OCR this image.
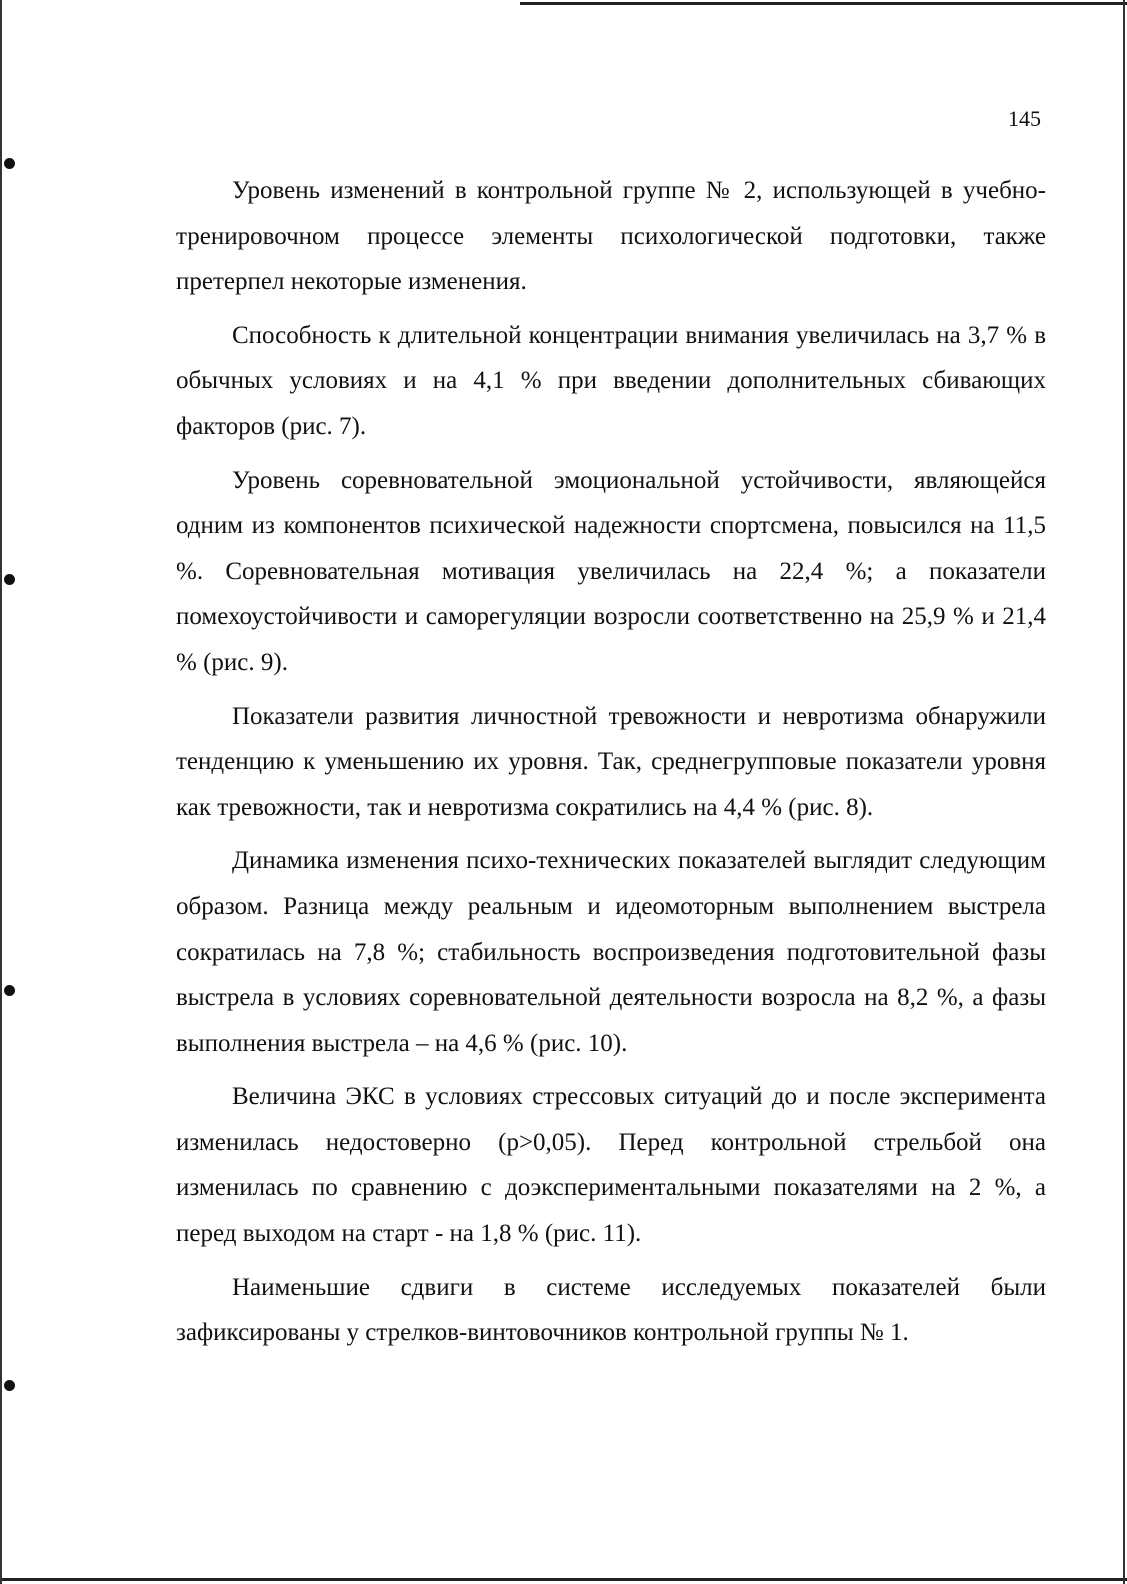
145

Уровень изменений в контрольной группе № 2, использующей в учебно-тренировочном процессе элементы психологической подготовки, также претерпел некоторые изменения.

Способность к длительной концентрации внимания увеличилась на 3,7 % в обычных условиях и на 4,1 % при введении дополнительных сбивающих факторов (рис. 7).

Уровень соревновательной эмоциональной устойчивости, являющейся одним из компонентов психической надежности спортсмена, повысился на 11,5 %. Соревновательная мотивация увеличилась на 22,4 %; а показатели помехоустойчивости и саморегуляции возросли соответственно на 25,9 % и 21,4 % (рис. 9).

Показатели развития личностной тревожности и невротизма обнаружили тенденцию к уменьшению их уровня. Так, среднегрупповые показатели уровня как тревожности, так и невротизма сократились на 4,4 % (рис. 8).

Динамика изменения психо-технических показателей выглядит следующим образом. Разница между реальным и идеомоторным выполнением выстрела сократилась на 7,8 %; стабильность воспроизведения подготовительной фазы выстрела в условиях соревновательной деятельности возросла на 8,2 %, а фазы выполнения выстрела – на 4,6 % (рис. 10).

Величина ЭКС в условиях стрессовых ситуаций до и после эксперимента изменилась недостоверно (р>0,05). Перед контрольной стрельбой она изменилась по сравнению с доэкспериментальными показателями на 2 %, а перед выходом на старт - на 1,8 % (рис. 11).

Наименьшие сдвиги в системе исследуемых показателей были зафиксированы у стрелков-винтовочников контрольной группы № 1.
